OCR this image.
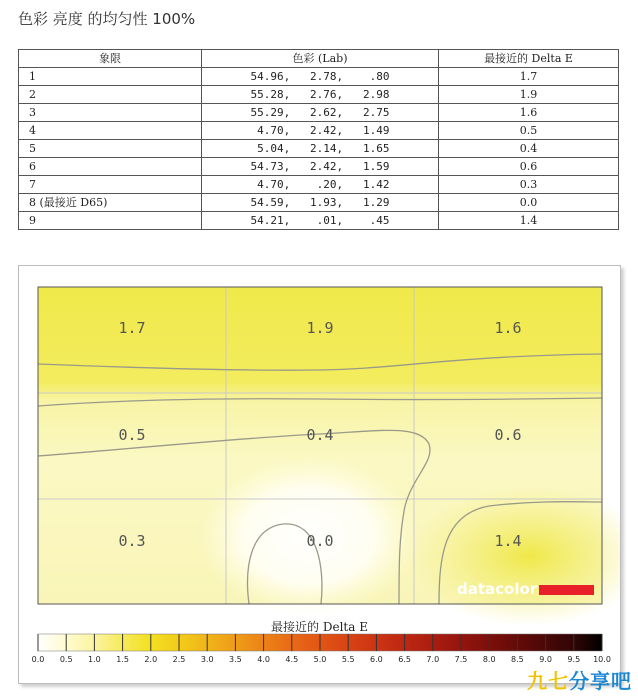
色彩 亮度 的均匀性 100%
象限	色彩 (Lab)	最接近的 Delta E
1	54.96,   2.78,    .80	1.7
2	55.28,   2.76,   2.98	1.9
3	55.29,   2.62,   2.75	1.6
4	4.70,   2.42,   1.49	0.5
5	5.04,   2.14,   1.65	0.4
6	54.73,   2.42,   1.59	0.6
7	4.70,    .20,   1.42	0.3
8 (最接近 D65)	54.59,   1.93,   1.29	0.0
9	54.21,    .01,    .45	1.4
1.7	1.9	1.6
0.5	0.4	0.6
0.3	0.0	1.4
datacolor
最接近的 Delta E
0.0 0.5 1.0 1.5 2.0 2.5 3.0 3.5 4.0 4.5 5.0 5.5 6.0 6.5 7.0 7.5 8.0 8.5 9.0 9.5 10.0
九七分享吧
